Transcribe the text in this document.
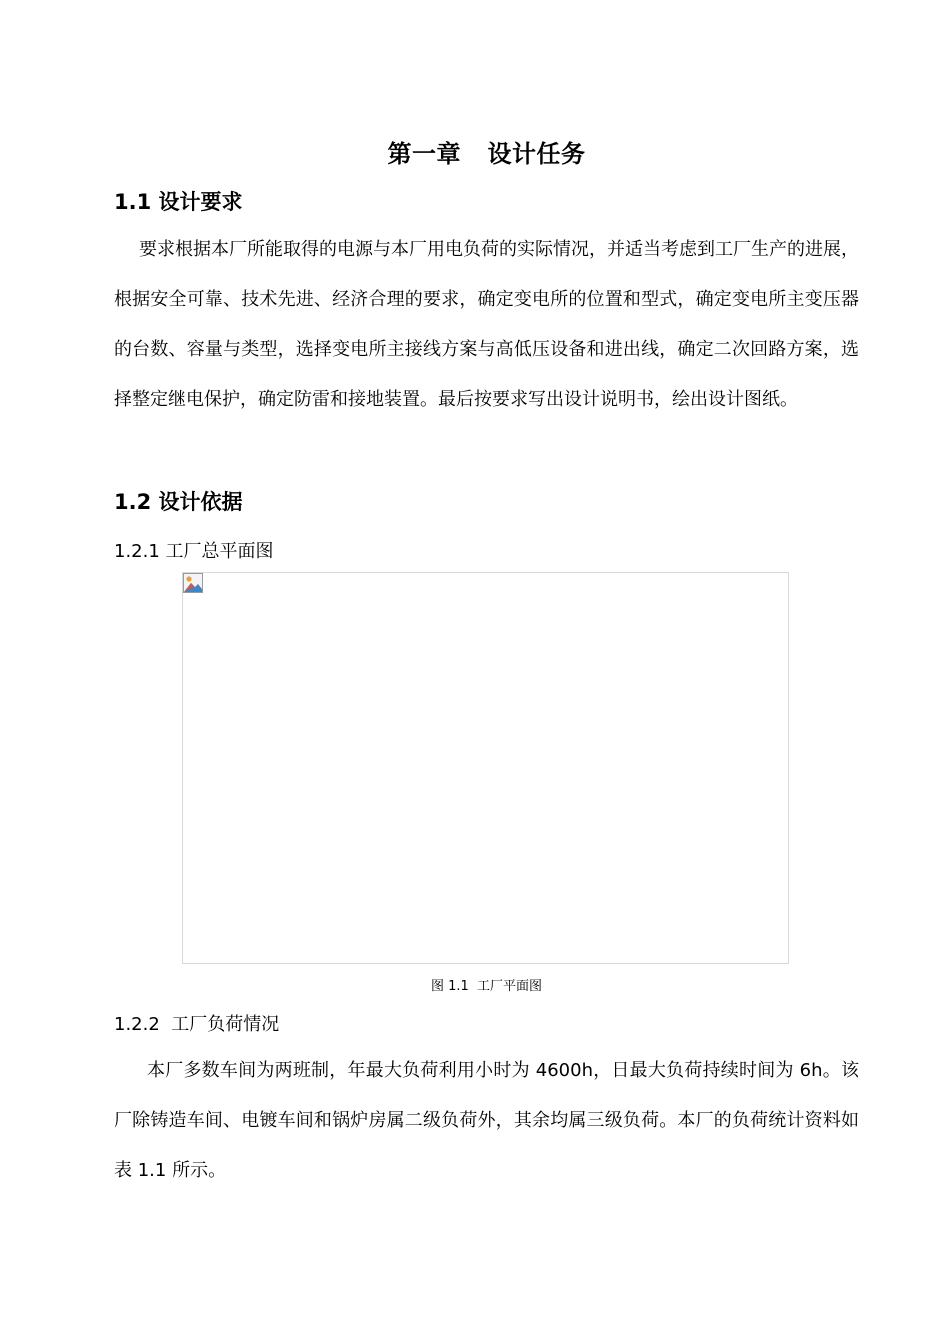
第一章   设计任务
1.1 设计要求
要求根据本厂所能取得的电源与本厂用电负荷的实际情况，并适当考虑到工厂生产的进展，根据安全可靠、技术先进、经济合理的要求，确定变电所的位置和型式，确定变电所主变压器的台数、容量与类型，选择变电所主接线方案与高低压设备和进出线，确定二次回路方案，选择整定继电保护，确定防雷和接地装置。最后按要求写出设计说明书，绘出设计图纸。
1.2 设计依据
1.2.1 工厂总平面图
图 1.1  工厂平面图
1.2.2  工厂负荷情况
本厂多数车间为两班制，年最大负荷利用小时为 4600h，日最大负荷持续时间为 6h。该厂除铸造车间、电镀车间和锅炉房属二级负荷外，其余均属三级负荷。本厂的负荷统计资料如表 1.1 所示。
